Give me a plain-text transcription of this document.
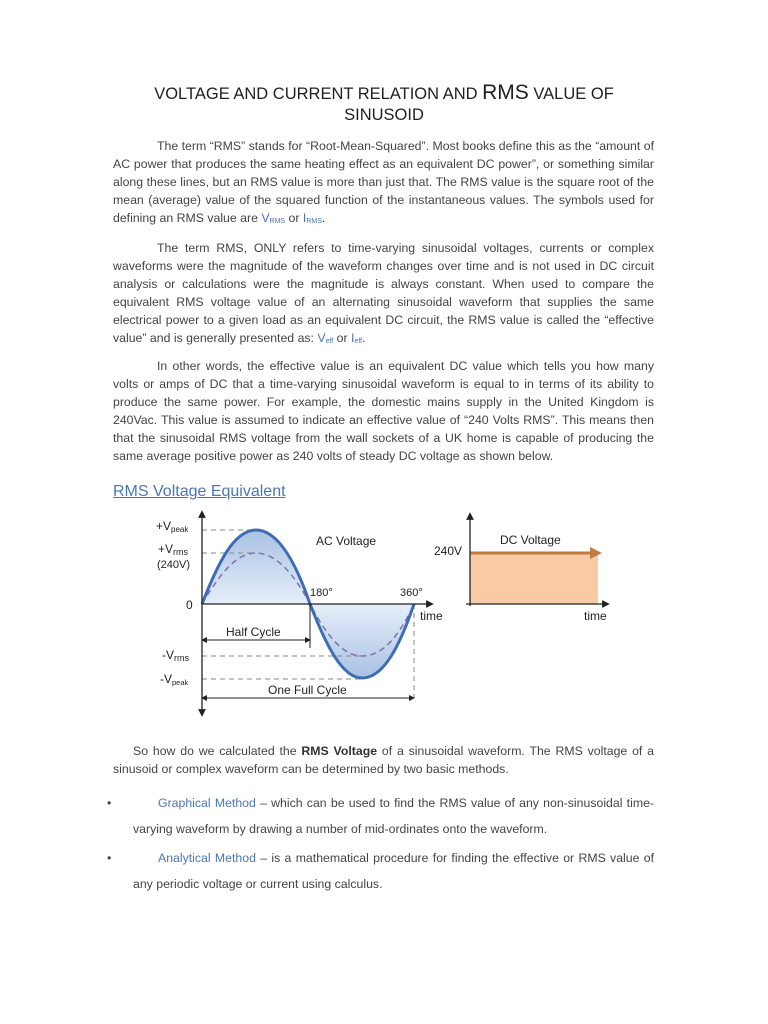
VOLTAGE AND CURRENT RELATION AND RMS VALUE OF
SINUSOID

The term “RMS” stands for “Root-Mean-Squared”. Most books define this as the “amount of AC power that produces the same heating effect as an equivalent DC power”, or something similar along these lines, but an RMS value is more than just that. The RMS value is the square root of the mean (average) value of the squared function of the instantaneous values. The symbols used for defining an RMS value are VRMS or IRMS.

The term RMS, ONLY refers to time-varying sinusoidal voltages, currents or complex waveforms were the magnitude of the waveform changes over time and is not used in DC circuit analysis or calculations were the magnitude is always constant. When used to compare the equivalent RMS voltage value of an alternating sinusoidal waveform that supplies the same electrical power to a given load as an equivalent DC circuit, the RMS value is called the “effective value” and is generally presented as: Veff or Ieff.

In other words, the effective value is an equivalent DC value which tells you how many volts or amps of DC that a time-varying sinusoidal waveform is equal to in terms of its ability to produce the same power. For example, the domestic mains supply in the United Kingdom is 240Vac. This value is assumed to indicate an effective value of “240 Volts RMS”. This means then that the sinusoidal RMS voltage from the wall sockets of a UK home is capable of producing the same average positive power as 240 volts of steady DC voltage as shown below.

RMS Voltage Equivalent
+Vpeak
+Vrms
(240V)
0
180°	360°
time
-Vrms
-Vpeak
AC Voltage
Half Cycle
One Full Cycle
DC Voltage
240V
time

So how do we calculated the RMS Voltage of a sinusoidal waveform. The RMS voltage of a sinusoid or complex waveform can be determined by two basic methods.

•	Graphical Method – which can be used to find the RMS value of any non-sinusoidal time-varying waveform by drawing a number of mid-ordinates onto the waveform.
•	Analytical Method – is a mathematical procedure for finding the effective or RMS value of any periodic voltage or current using calculus.
